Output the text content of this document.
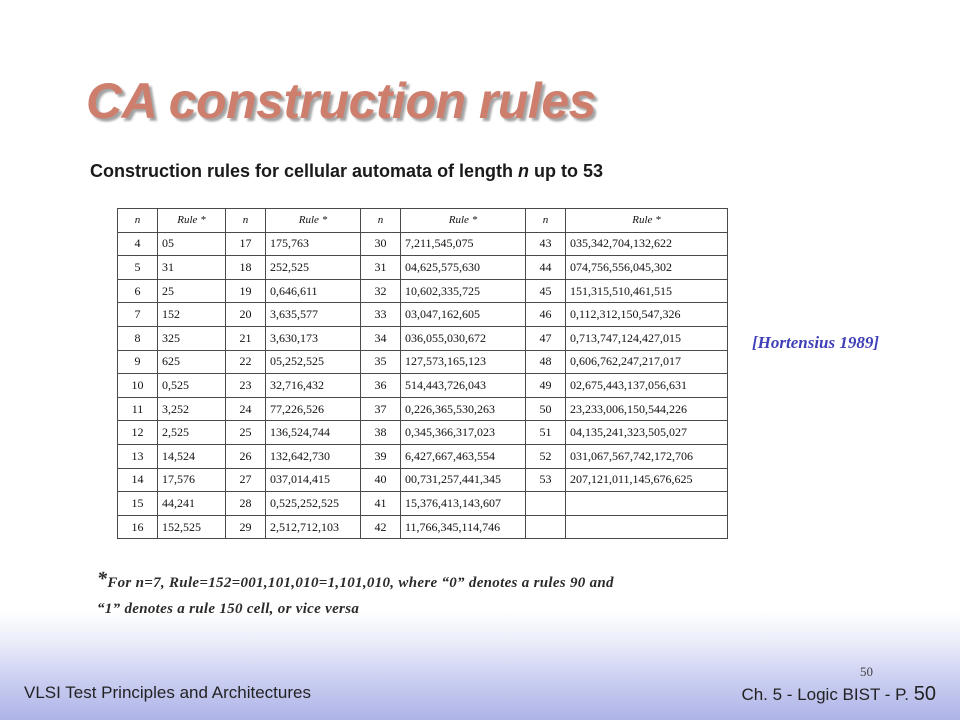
CA construction rules
Construction rules for cellular automata of length n up to 53
n	Rule *	n	Rule *	n	Rule *	n	Rule *
4	05	17	175,763	30	7,211,545,075	43	035,342,704,132,622
5	31	18	252,525	31	04,625,575,630	44	074,756,556,045,302
6	25	19	0,646,611	32	10,602,335,725	45	151,315,510,461,515
7	152	20	3,635,577	33	03,047,162,605	46	0,112,312,150,547,326
8	325	21	3,630,173	34	036,055,030,672	47	0,713,747,124,427,015
9	625	22	05,252,525	35	127,573,165,123	48	0,606,762,247,217,017
10	0,525	23	32,716,432	36	514,443,726,043	49	02,675,443,137,056,631
11	3,252	24	77,226,526	37	0,226,365,530,263	50	23,233,006,150,544,226
12	2,525	25	136,524,744	38	0,345,366,317,023	51	04,135,241,323,505,027
13	14,524	26	132,642,730	39	6,427,667,463,554	52	031,067,567,742,172,706
14	17,576	27	037,014,415	40	00,731,257,441,345	53	207,121,011,145,676,625
15	44,241	28	0,525,252,525	41	15,376,413,143,607		
16	152,525	29	2,512,712,103	42	11,766,345,114,746		
[Hortensius 1989]
*For n=7, Rule=152=001,101,010=1,101,010, where “0” denotes a rules 90 and
“1” denotes a rule 150 cell, or vice versa
VLSI Test Principles and Architectures
50
Ch. 5 - Logic BIST - P. 50
